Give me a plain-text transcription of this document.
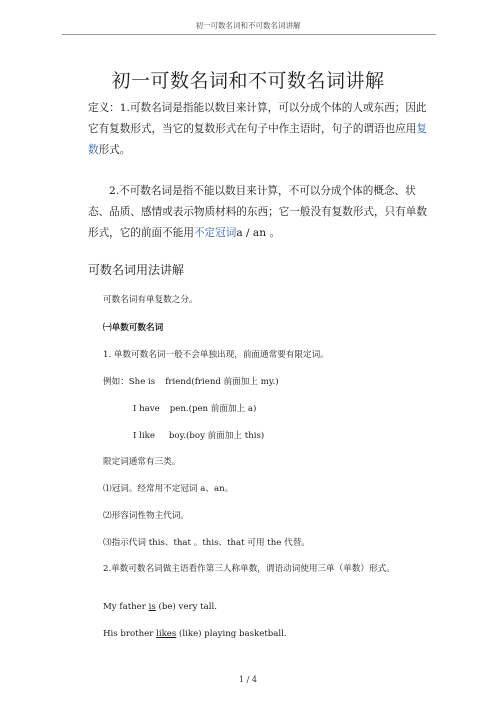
初一可数名词和不可数名词讲解
初一可数名词和不可数名词讲解
定义：1.可数名词是指能以数目来计算，可以分成个体的人或东西；因此它有复数形式，当它的复数形式在句子中作主语时，句子的谓语也应用复数形式。
2.不可数名词是指不能以数目来计算，不可以分成个体的概念、状态、品质、感情或表示物质材料的东西；它一般没有复数形式，只有单数形式，它的前面不能用不定冠词a / an 。
可数名词用法讲解
可数名词有单复数之分。
㈠单数可数名词
1. 单数可数名词一般不会单独出现，前面通常要有限定词。
例如：She is friend(friend 前面加上 my.)
I have pen.(pen 前面加上 a)
I like boy.(boy 前面加上 this)
限定词通常有三类。
⑴冠词。经常用不定冠词 a、an。
⑵形容词性物主代词。
⑶指示代词 this、that 。this、that 可用 the 代替。
2.单数可数名词做主语看作第三人称单数，谓语动词使用三单（单数）形式。
My father is (be) very tall.
His brother likes (like) playing basketball.
1 / 4
